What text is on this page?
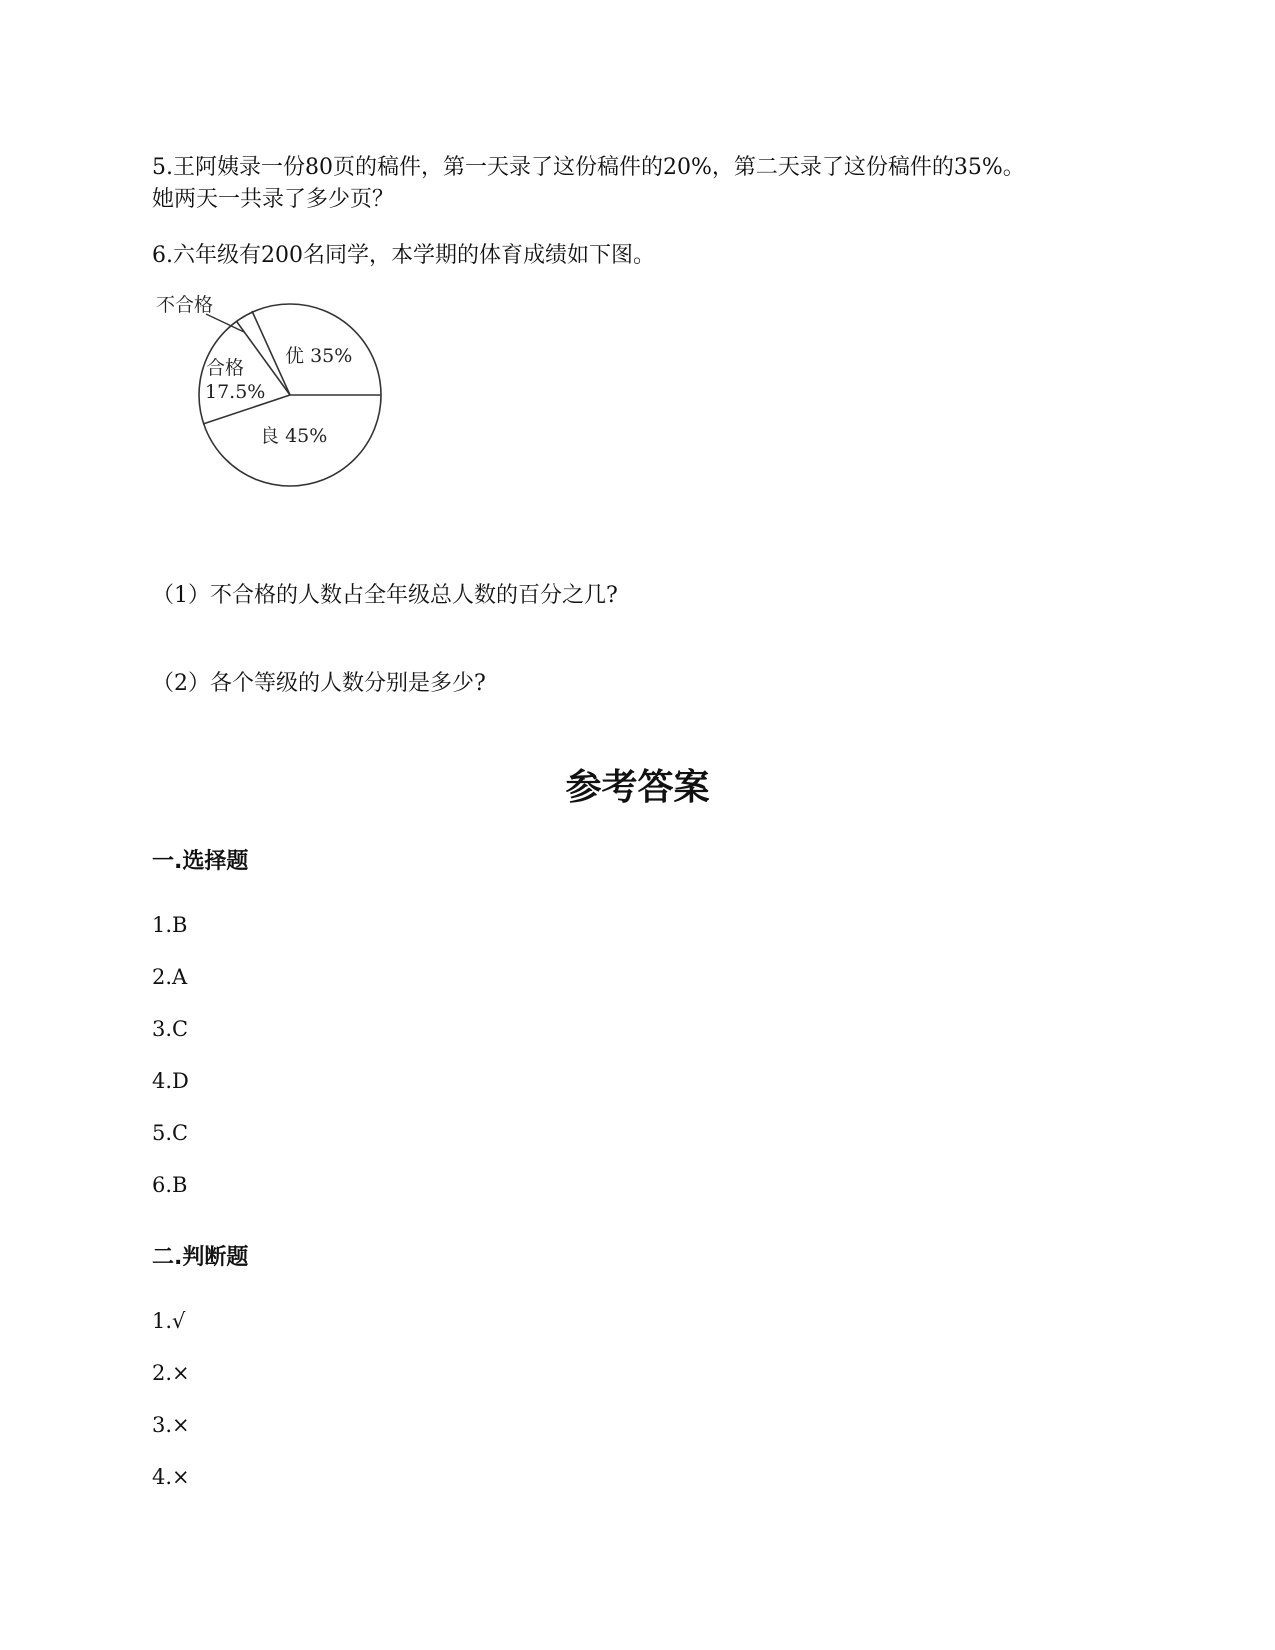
5.王阿姨录一份80页的稿件，第一天录了这份稿件的20%，第二天录了这份稿件的35%。
她两天一共录了多少页？
6.六年级有200名同学，本学期的体育成绩如下图。
不合格
优 35%
合格
17.5%
良 45%
（1）不合格的人数占全年级总人数的百分之几?
（2）各个等级的人数分别是多少?
参考答案
一.选择题
1.B
2.A
3.C
4.D
5.C
6.B
二.判断题
1.√
2.×
3.×
4.×
